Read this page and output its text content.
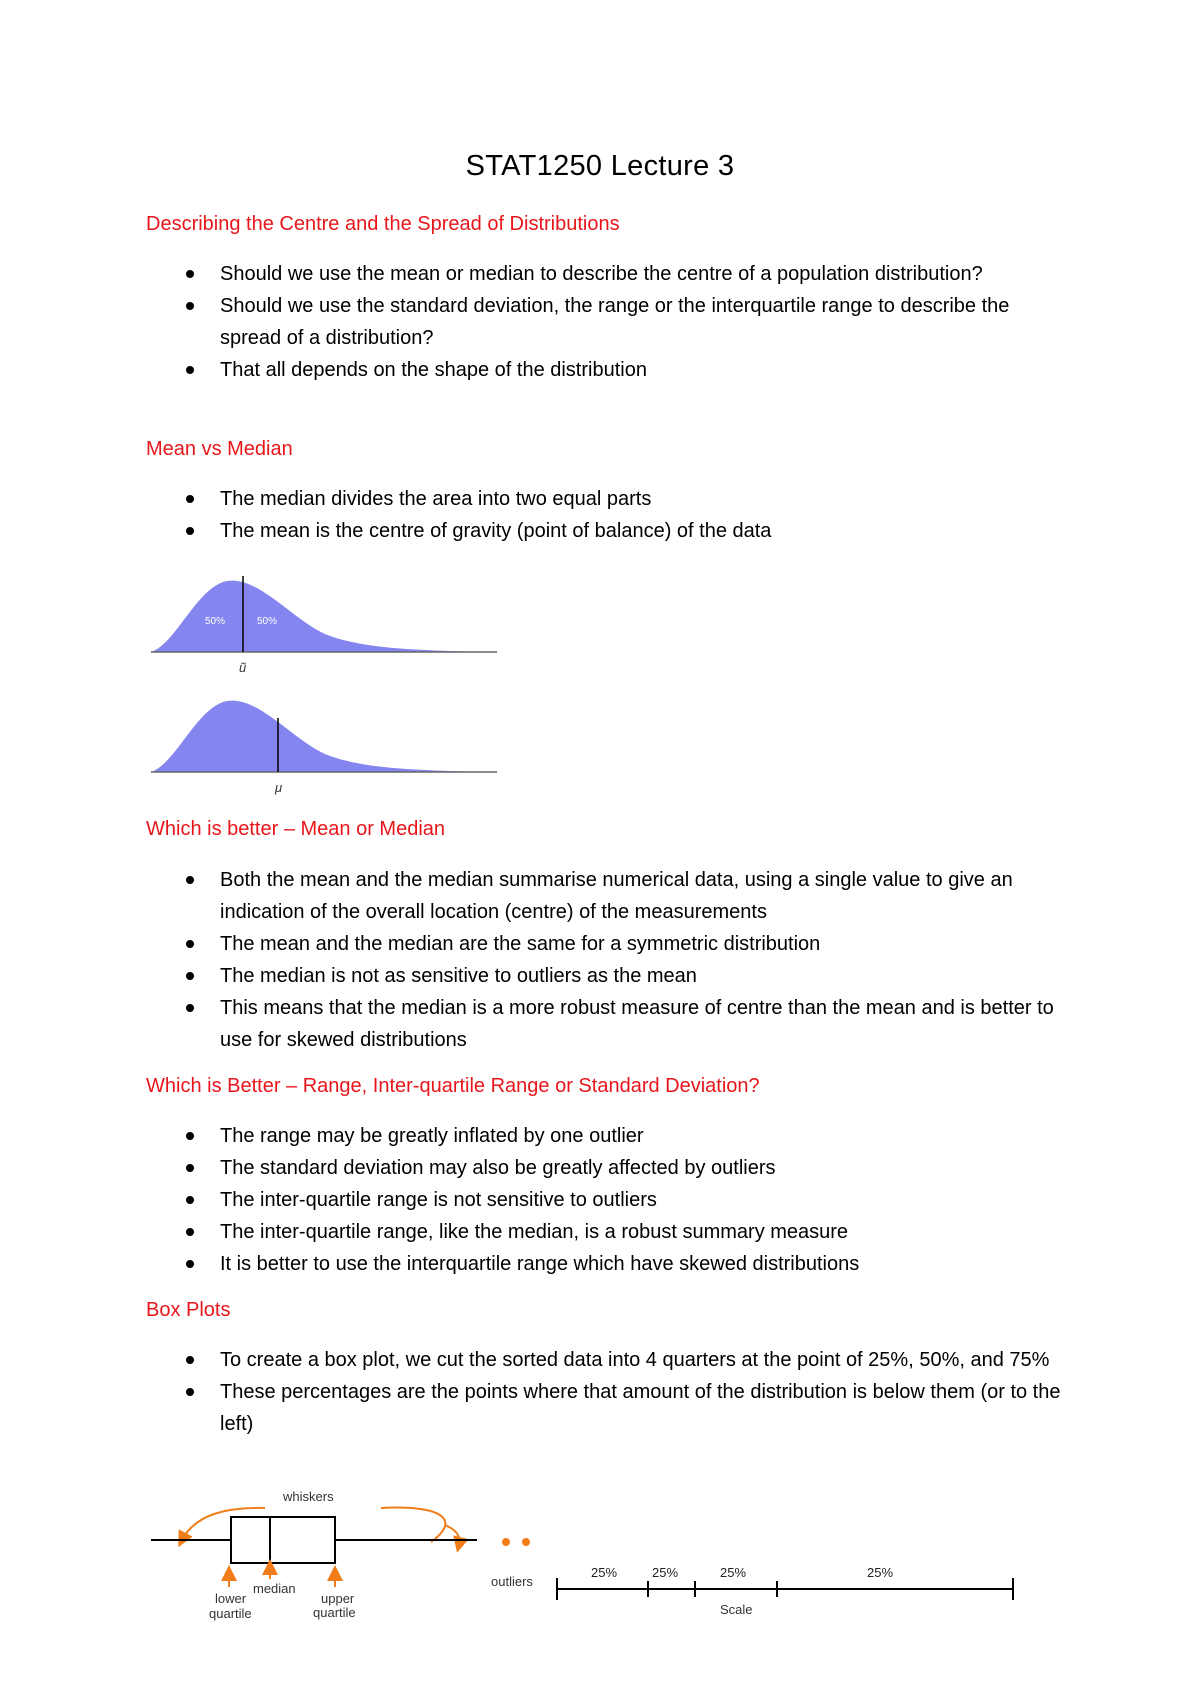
STAT1250 Lecture 3
Describing the Centre and the Spread of Distributions
Should we use the mean or median to describe the centre of a population distribution?
Should we use the standard deviation, the range or the interquartile range to describe the spread of a distribution?
That all depends on the shape of the distribution
Mean vs Median
The median divides the area into two equal parts
The mean is the centre of gravity (point of balance) of the data
50%	50%
ũ
μ
Which is better – Mean or Median
Both the mean and the median summarise numerical data, using a single value to give an indication of the overall location (centre) of the measurements
The mean and the median are the same for a symmetric distribution
The median is not as sensitive to outliers as the mean
This means that the median is a more robust measure of centre than the mean and is better to use for skewed distributions
Which is Better – Range, Inter-quartile Range or Standard Deviation?
The range may be greatly inflated by one outlier
The standard deviation may also be greatly affected by outliers
The inter-quartile range is not sensitive to outliers
The inter-quartile range, like the median, is a robust summary measure
It is better to use the interquartile range which have skewed distributions
Box Plots
To create a box plot, we cut the sorted data into 4 quarters at the point of 25%, 50%, and 75%
These percentages are the points where that amount of the distribution is below them (or to the left)
whiskers
lower
quartile
median
upper
quartile
outliers
25%	25%	25%	25%
Scale
